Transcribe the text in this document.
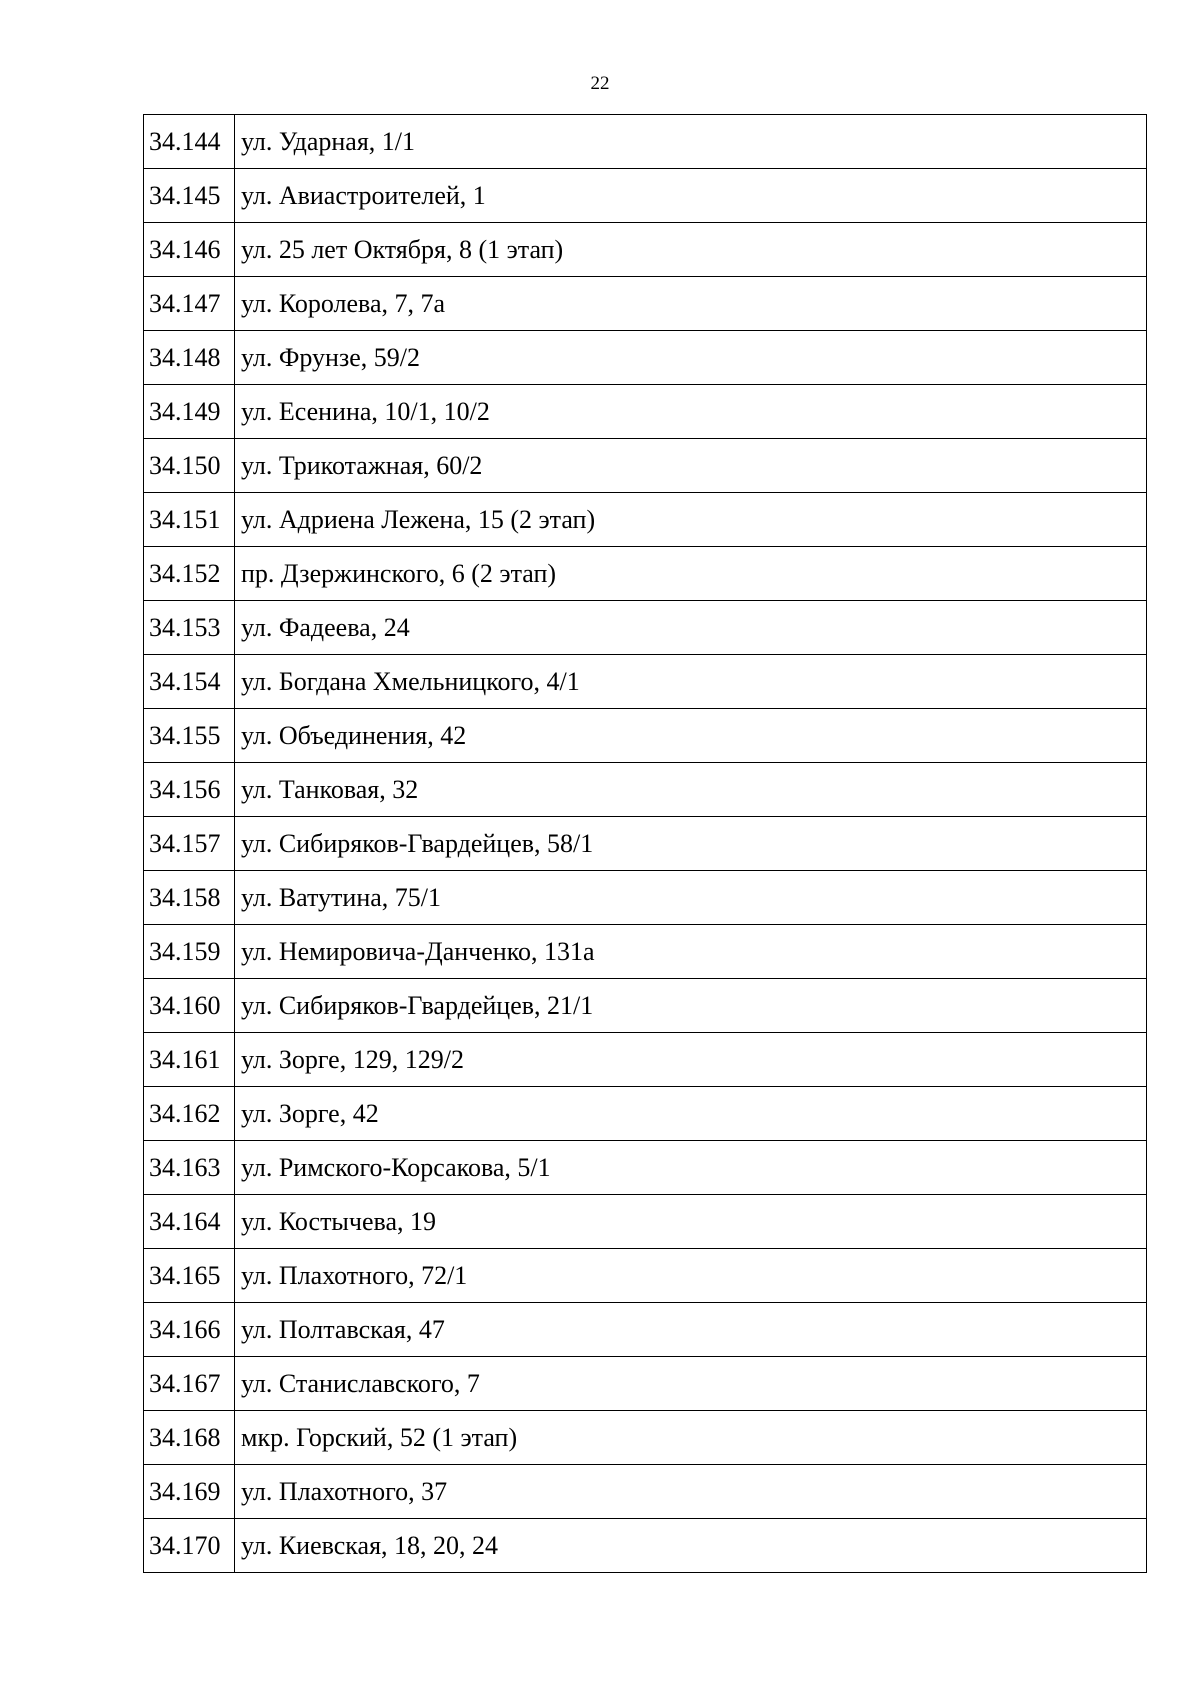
22
34.144	ул. Ударная, 1/1
34.145	ул. Авиастроителей, 1
34.146	ул. 25 лет Октября, 8 (1 этап)
34.147	ул. Королева, 7, 7а
34.148	ул. Фрунзе, 59/2
34.149	ул. Есенина, 10/1, 10/2
34.150	ул. Трикотажная, 60/2
34.151	ул. Адриена Лежена, 15 (2 этап)
34.152	пр. Дзержинского, 6 (2 этап)
34.153	ул. Фадеева, 24
34.154	ул. Богдана Хмельницкого, 4/1
34.155	ул. Объединения, 42
34.156	ул. Танковая, 32
34.157	ул. Сибиряков-Гвардейцев, 58/1
34.158	ул. Ватутина, 75/1
34.159	ул. Немировича-Данченко, 131а
34.160	ул. Сибиряков-Гвардейцев, 21/1
34.161	ул. Зорге, 129, 129/2
34.162	ул. Зорге, 42
34.163	ул. Римского-Корсакова, 5/1
34.164	ул. Костычева, 19
34.165	ул. Плахотного, 72/1
34.166	ул. Полтавская, 47
34.167	ул. Станиславского, 7
34.168	мкр. Горский, 52 (1 этап)
34.169	ул. Плахотного, 37
34.170	ул. Киевская, 18, 20, 24
